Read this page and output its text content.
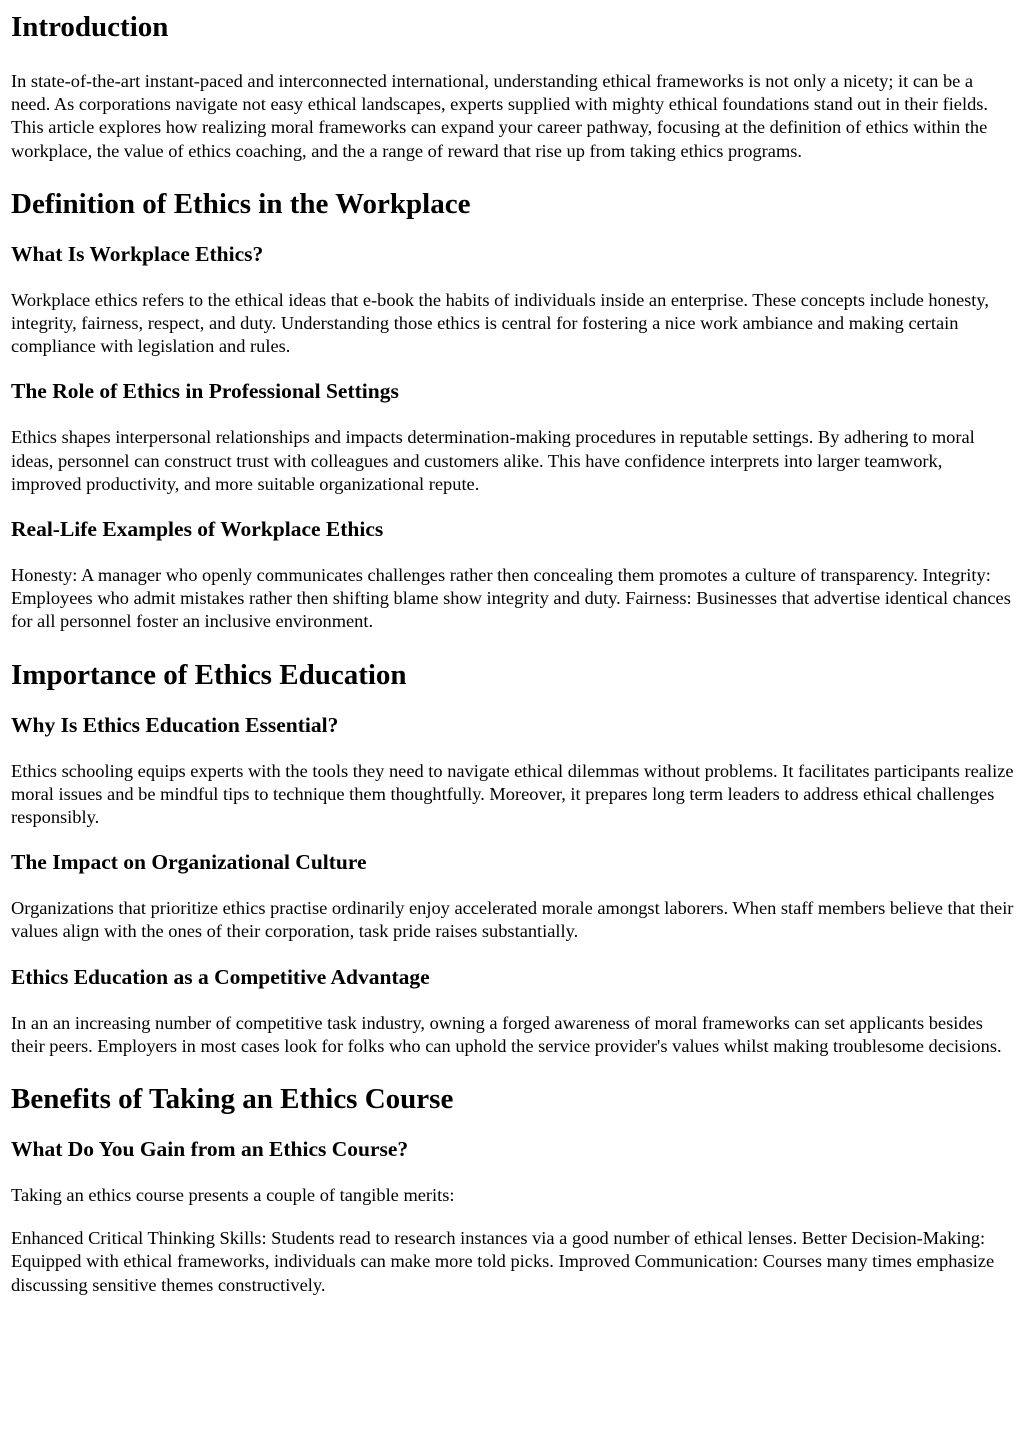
Introduction

In state-of-the-art instant-paced and interconnected international, understanding ethical frameworks is not only a nicety; it can be a need. As corporations navigate not easy ethical landscapes, experts supplied with mighty ethical foundations stand out in their fields. This article explores how realizing moral frameworks can expand your career pathway, focusing at the definition of ethics within the workplace, the value of ethics coaching, and the a range of reward that rise up from taking ethics programs.

Definition of Ethics in the Workplace
What Is Workplace Ethics?

Workplace ethics refers to the ethical ideas that e-book the habits of individuals inside an enterprise. These concepts include honesty, integrity, fairness, respect, and duty. Understanding those ethics is central for fostering a nice work ambiance and making certain compliance with legislation and rules.

The Role of Ethics in Professional Settings

Ethics shapes interpersonal relationships and impacts determination-making procedures in reputable settings. By adhering to moral ideas, personnel can construct trust with colleagues and customers alike. This have confidence interprets into larger teamwork, improved productivity, and more suitable organizational repute.

Real-Life Examples of Workplace Ethics

Honesty: A manager who openly communicates challenges rather then concealing them promotes a culture of transparency. Integrity: Employees who admit mistakes rather then shifting blame show integrity and duty. Fairness: Businesses that advertise identical chances for all personnel foster an inclusive environment.

Importance of Ethics Education
Why Is Ethics Education Essential?

Ethics schooling equips experts with the tools they need to navigate ethical dilemmas without problems. It facilitates participants realize moral issues and be mindful tips to technique them thoughtfully. Moreover, it prepares long term leaders to address ethical challenges responsibly.

The Impact on Organizational Culture

Organizations that prioritize ethics practise ordinarily enjoy accelerated morale amongst laborers. When staff members believe that their values align with the ones of their corporation, task pride raises substantially.

Ethics Education as a Competitive Advantage

In an an increasing number of competitive task industry, owning a forged awareness of moral frameworks can set applicants besides their peers. Employers in most cases look for folks who can uphold the service provider's values whilst making troublesome decisions.

Benefits of Taking an Ethics Course
What Do You Gain from an Ethics Course?

Taking an ethics course presents a couple of tangible merits:

Enhanced Critical Thinking Skills: Students read to research instances via a good number of ethical lenses. Better Decision-Making: Equipped with ethical frameworks, individuals can make more told picks. Improved Communication: Courses many times emphasize discussing sensitive themes constructively.
